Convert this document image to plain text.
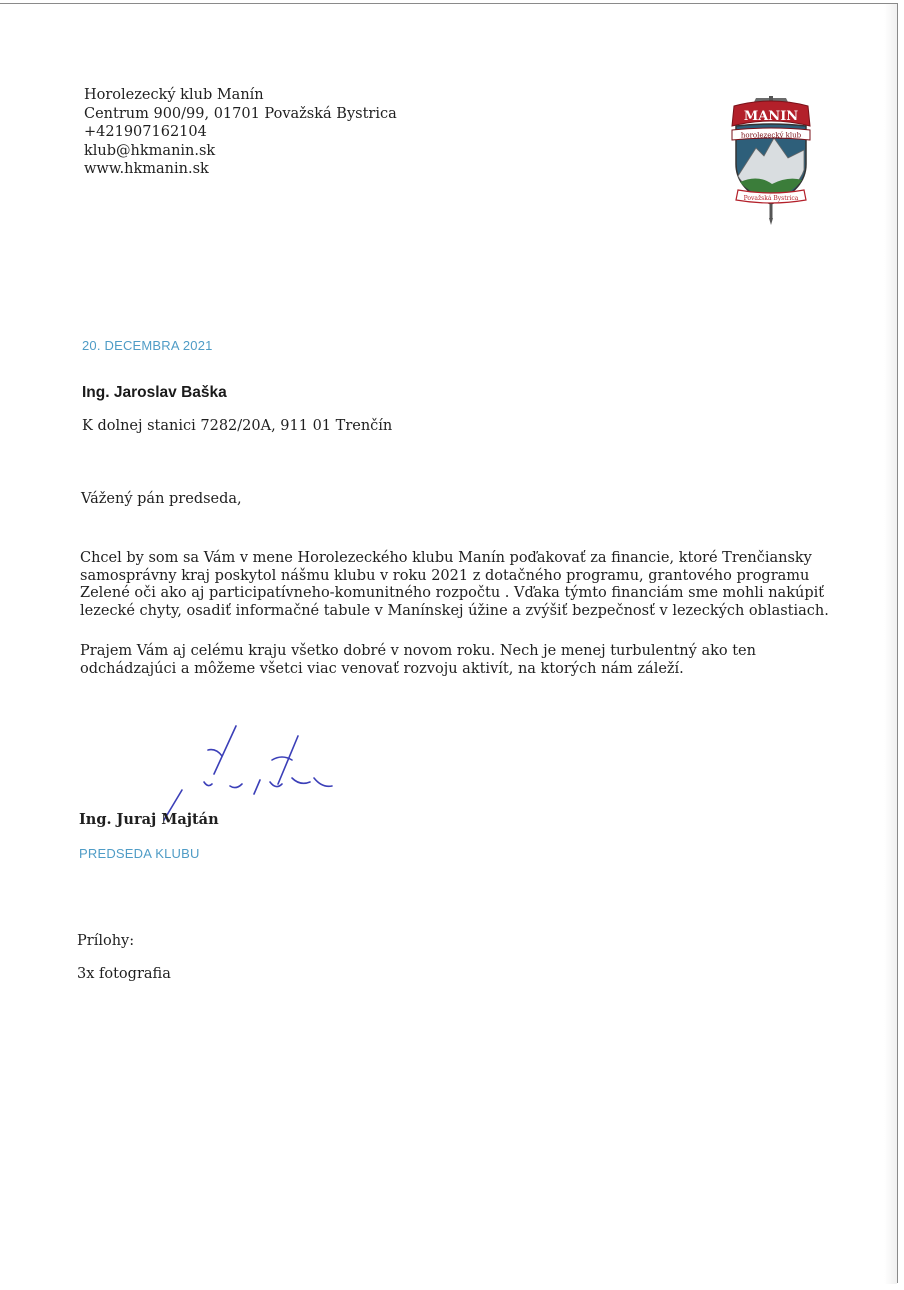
Horolezecký klub Manín
Centrum 900/99, 01701 Považská Bystrica
+421907162104
klub@hkmanin.sk
www.hkmanin.sk
MANIN
horolezecký klub
Považská Bystrica
20. DECEMBRA 2021
Ing. Jaroslav Baška
K dolnej stanici 7282/20A, 911 01 Trenčín
Vážený pán predseda,
Chcel by som sa Vám v mene Horolezeckého klubu Manín poďakovať za financie, ktoré Trenčiansky
samosprávny kraj poskytol nášmu klubu v roku 2021 z dotačného programu, grantového programu
Zelené oči ako aj participatívneho-komunitného rozpočtu . Vďaka týmto financiám sme mohli nakúpiť
lezecké chyty, osadiť informačné tabule v Manínskej úžine a zvýšiť bezpečnosť v lezeckých oblastiach.
Prajem Vám aj celému kraju všetko dobré v novom roku. Nech je menej turbulentný ako ten
odchádzajúci a môžeme všetci viac venovať rozvoju aktivít, na ktorých nám záleží.
Ing. Juraj Majtán
PREDSEDA KLUBU
Prílohy:
3x fotografia
